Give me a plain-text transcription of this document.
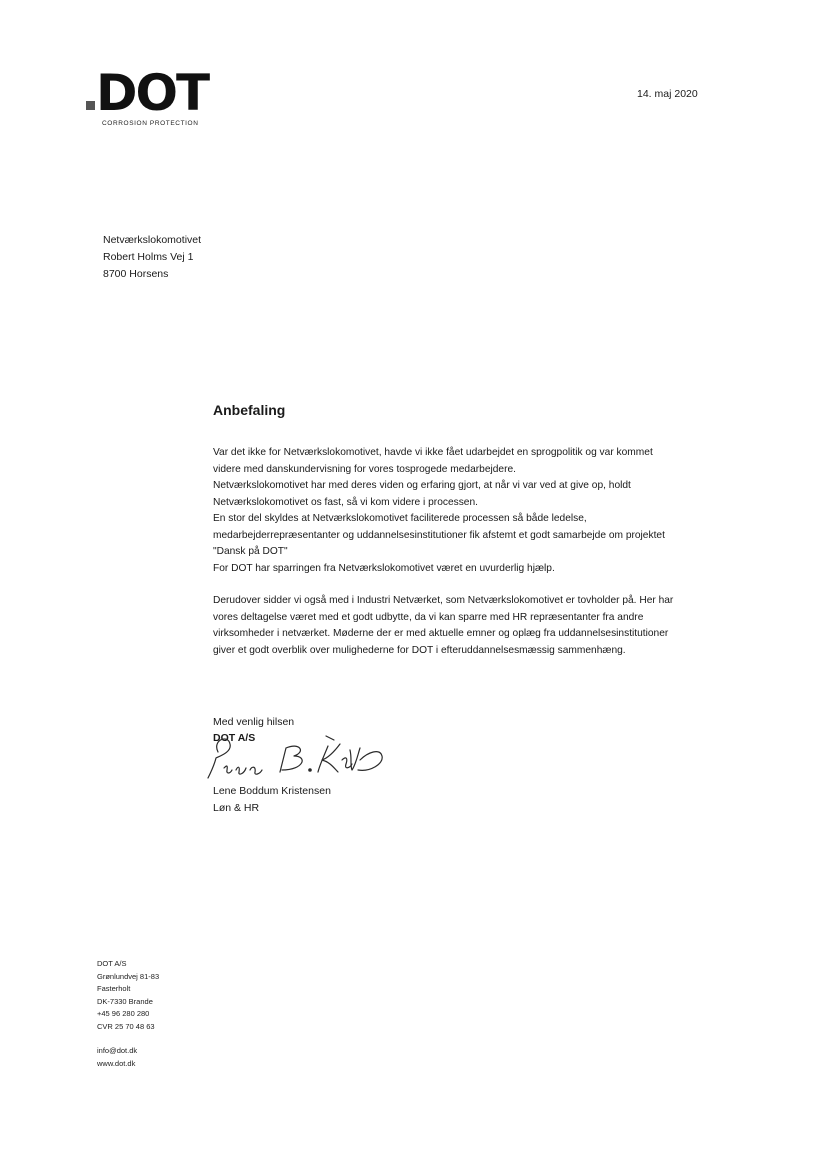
DOT
CORROSION PROTECTION
14. maj 2020
Netværkslokomotivet
Robert Holms Vej 1
8700 Horsens
Anbefaling

Var det ikke for Netværkslokomotivet, havde vi ikke fået udarbejdet en sprogpolitik og var kommet
videre med danskundervisning for vores tosprogede medarbejdere.
Netværkslokomotivet har med deres viden og erfaring gjort, at når vi var ved at give op, holdt
Netværkslokomotivet os fast, så vi kom videre i processen.
En stor del skyldes at Netværkslokomotivet faciliterede processen så både ledelse,
medarbejderrepræsentanter og uddannelsesinstitutioner fik afstemt et godt samarbejde om projektet
"Dansk på DOT"
For DOT har sparringen fra Netværkslokomotivet været en uvurderlig hjælp.

Derudover sidder vi også med i Industri Netværket, som Netværkslokomotivet er tovholder på. Her har
vores deltagelse været med et godt udbytte, da vi kan sparre med HR repræsentanter fra andre
virksomheder i netværket. Møderne der er med aktuelle emner og oplæg fra uddannelsesinstitutioner
giver et godt overblik over mulighederne for DOT i efteruddannelsesmæssig sammenhæng.

Med venlig hilsen
DOT A/S
Lene Boddum Kristensen
Løn & HR
DOT A/S
Grønlundvej 81-83
Fasterholt
DK-7330 Brande
+45 96 280 280
CVR 25 70 48 63
info@dot.dk
www.dot.dk
